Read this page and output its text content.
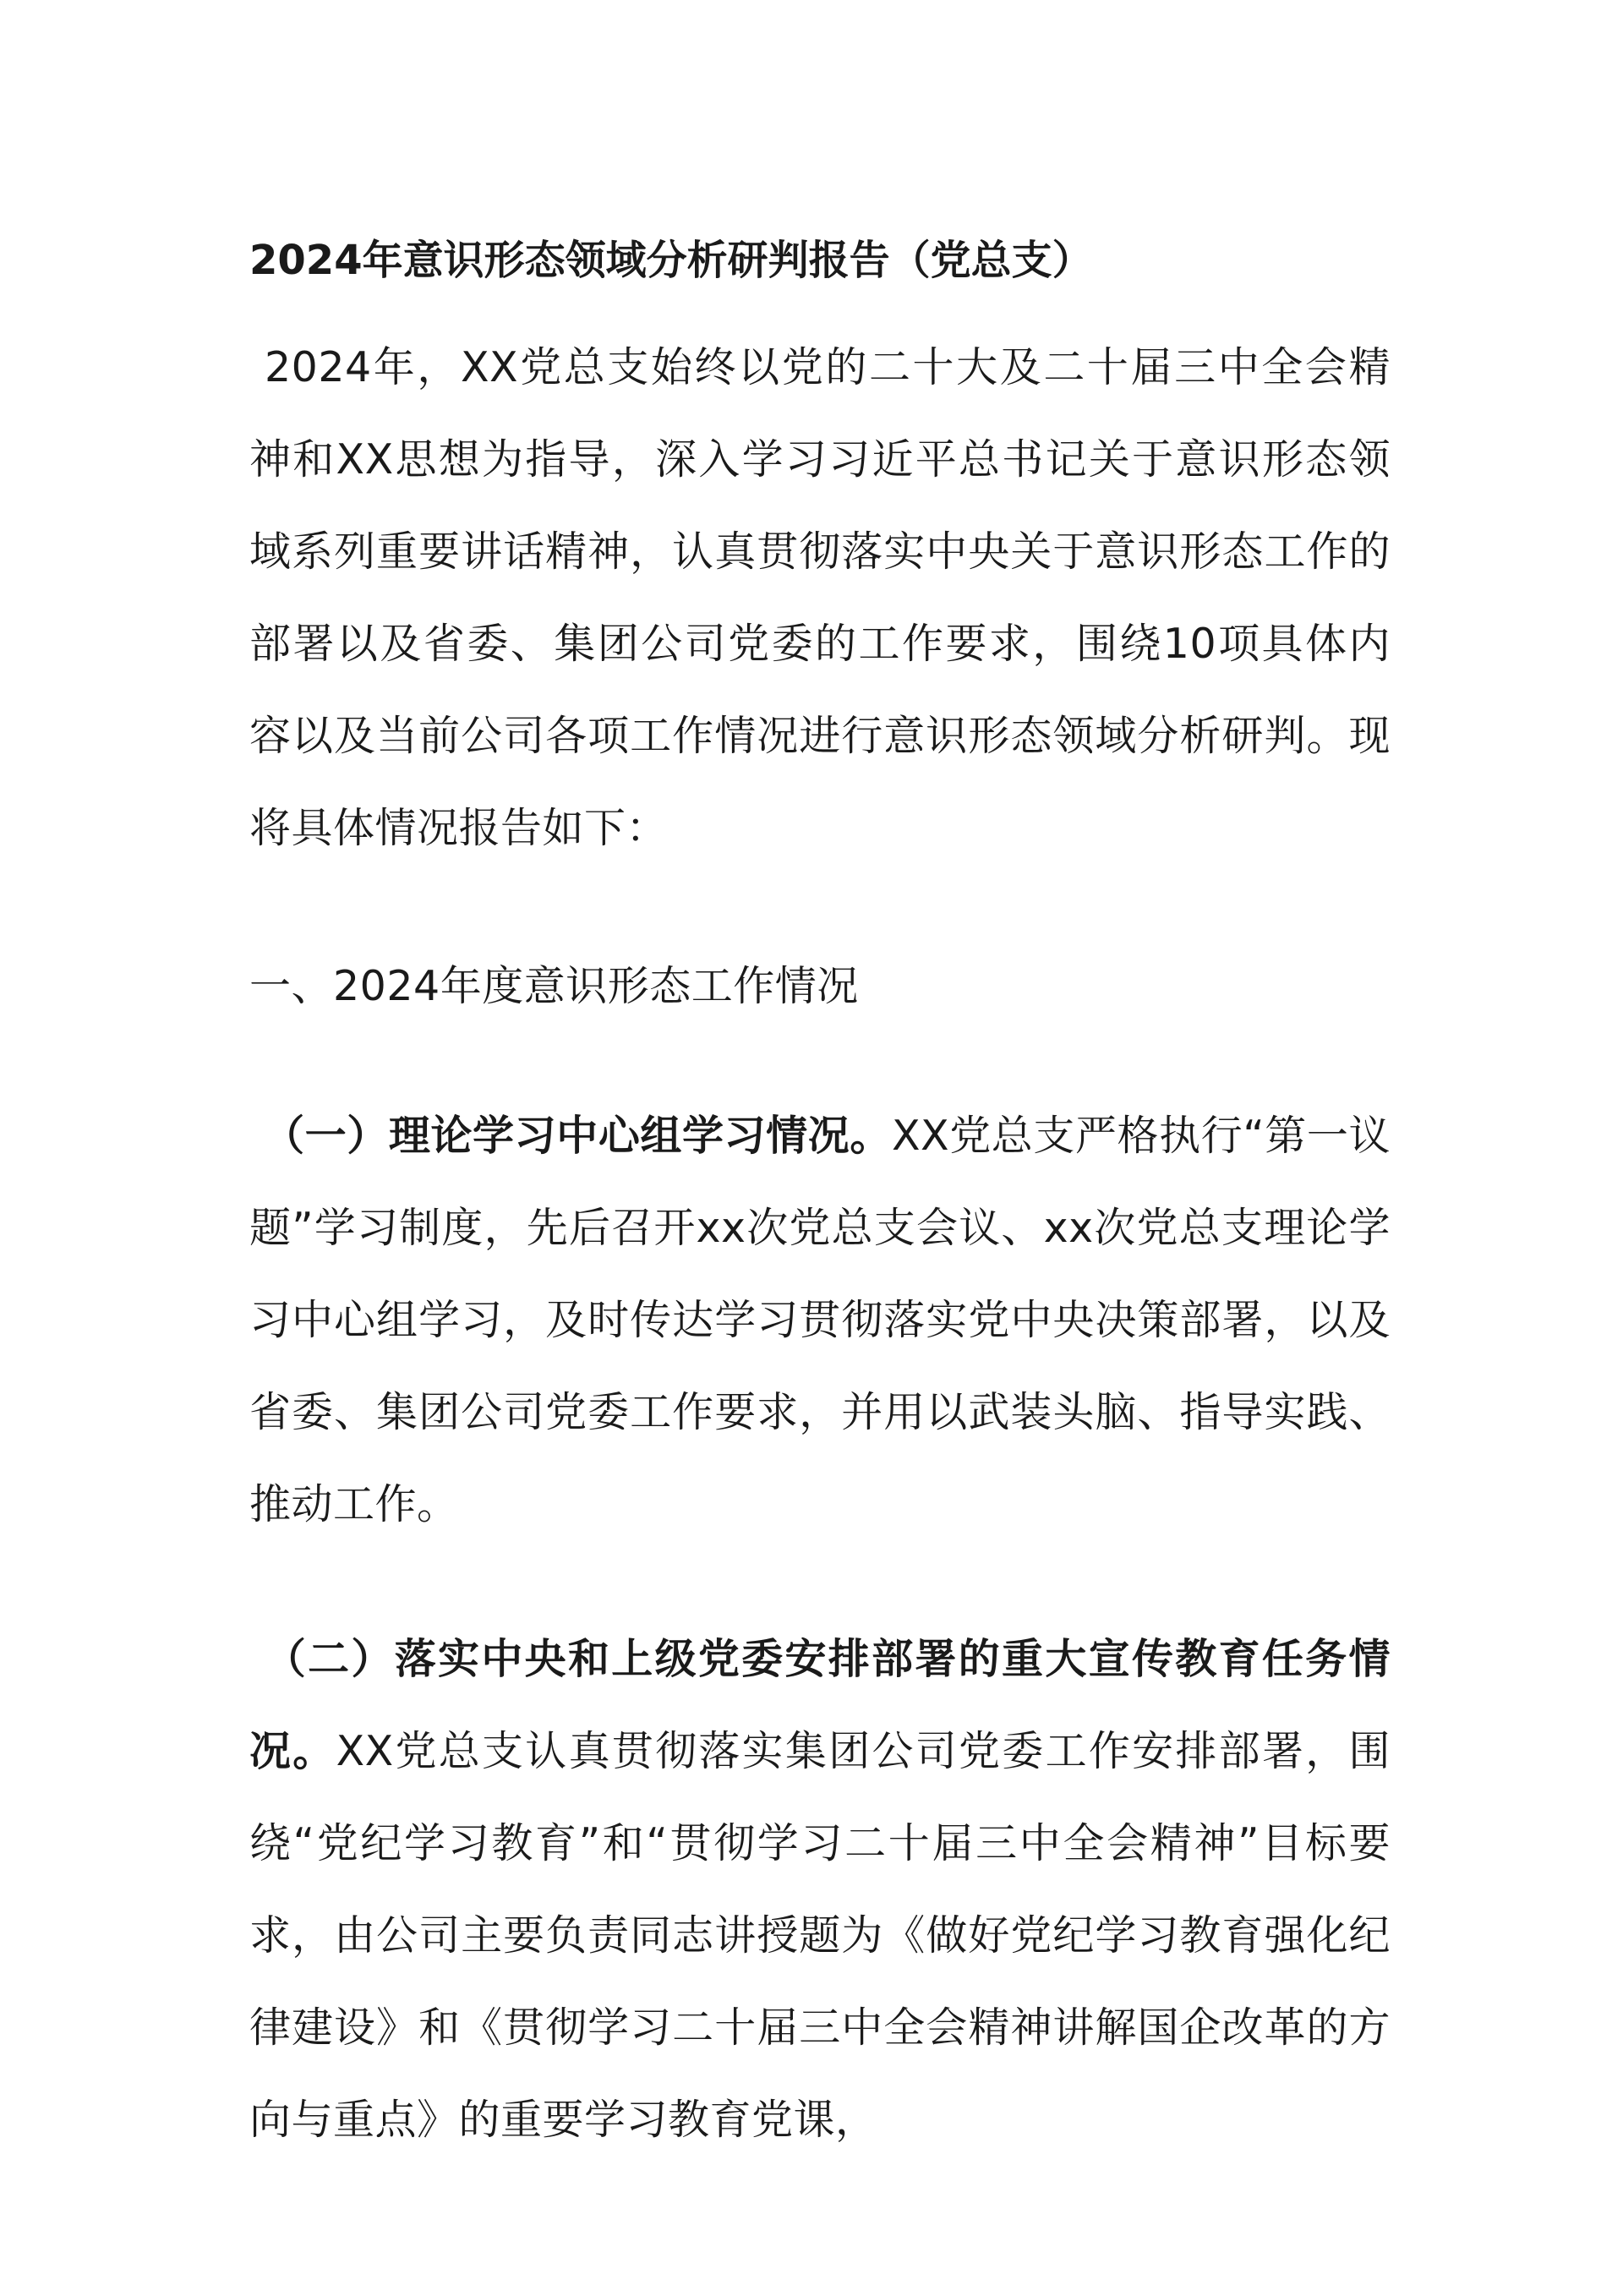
2024年意识形态领域分析研判报告（党总支）

2024年，XX党总支始终以党的二十大及二十届三中全会精神和XX思想为指导，深入学习习近平总书记关于意识形态领域系列重要讲话精神，认真贯彻落实中央关于意识形态工作的部署以及省委、集团公司党委的工作要求，围绕10项具体内容以及当前公司各项工作情况进行意识形态领域分析研判。现将具体情况报告如下：

一、2024年度意识形态工作情况

（一）理论学习中心组学习情况。XX党总支严格执行“第一议题”学习制度，先后召开xx次党总支会议、xx次党总支理论学习中心组学习，及时传达学习贯彻落实党中央决策部署，以及省委、集团公司党委工作要求，并用以武装头脑、指导实践、推动工作。

（二）落实中央和上级党委安排部署的重大宣传教育任务情况。XX党总支认真贯彻落实集团公司党委工作安排部署，围绕“党纪学习教育”和“贯彻学习二十届三中全会精神”目标要求，由公司主要负责同志讲授题为《做好党纪学习教育强化纪律建设》和《贯彻学习二十届三中全会精神讲解国企改革的方向与重点》的重要学习教育党课，
